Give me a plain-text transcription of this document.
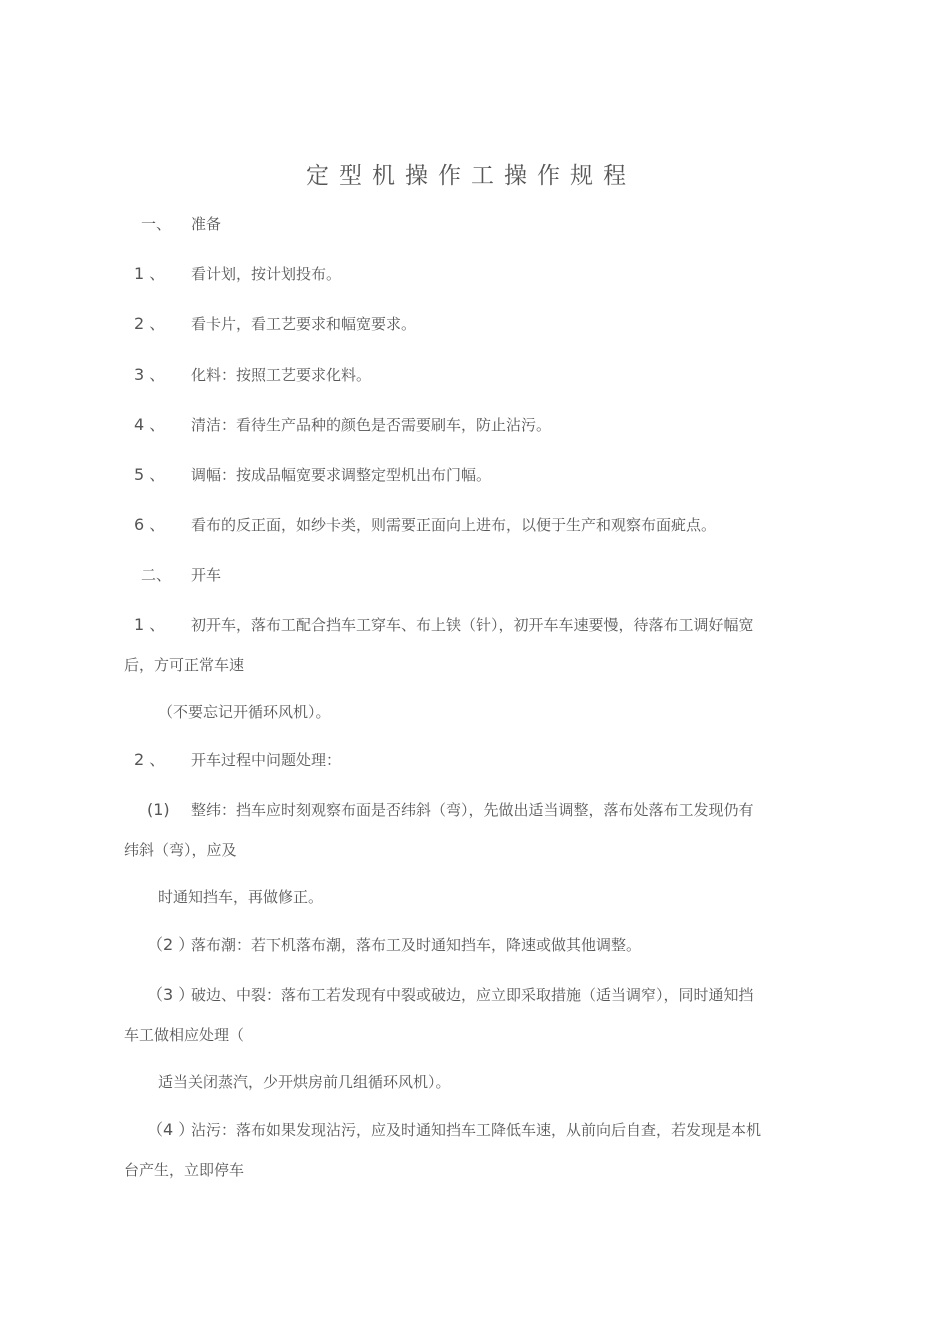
定型机操作工操作规程
一、 准备
1 、 看计划，按计划投布。
2 、 看卡片，看工艺要求和幅宽要求。
3 、 化料：按照工艺要求化料。
4 、 清洁：看待生产品种的颜色是否需要刷车，防止沾污。
5 、 调幅：按成品幅宽要求调整定型机出布门幅。
6 、 看布的反正面，如纱卡类，则需要正面向上进布，以便于生产和观察布面疵点。
二、 开车
1 、 初开车，落布工配合挡车工穿车、布上铗（针），初开车车速要慢，待落布工调好幅宽
后，方可正常车速
（不要忘记开循环风机）。
2 、 开车过程中问题处理：
(1) 整纬：挡车应时刻观察布面是否纬斜（弯），先做出适当调整，落布处落布工发现仍有
纬斜（弯），应及
时通知挡车，再做修正。
（2 ）
落布潮：若下机落布潮，落布工及时通知挡车，降速或做其他调整。
（3 ）
破边、中裂：落布工若发现有中裂或破边，应立即采取措施（适当调窄），同时通知挡
车工做相应处理（
适当关闭蒸汽，少开烘房前几组循环风机）。
（4 ）
沾污：落布如果发现沾污，应及时通知挡车工降低车速，从前向后自查，若发现是本机
台产生，立即停车
